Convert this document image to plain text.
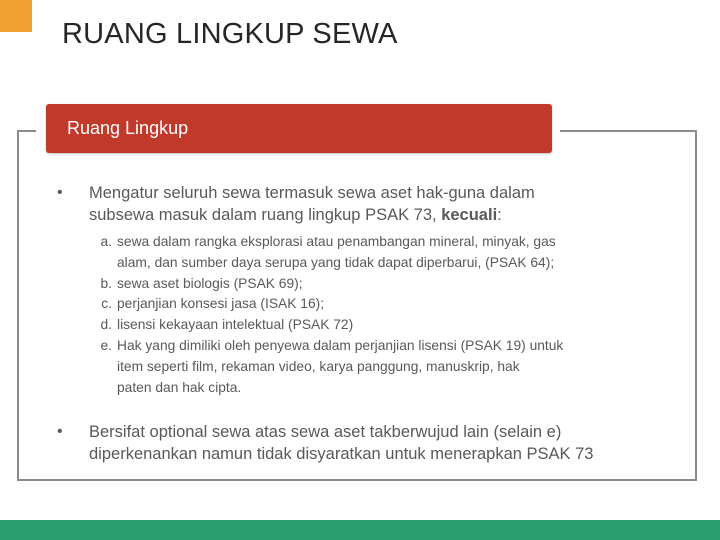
RUANG LINGKUP SEWA
Ruang Lingkup
•	Mengatur seluruh sewa termasuk sewa aset hak-guna dalam
subsewa masuk dalam ruang lingkup PSAK 73, kecuali:
a. sewa dalam rangka eksplorasi atau penambangan mineral, minyak, gas
alam, dan sumber daya serupa yang tidak dapat diperbarui, (PSAK 64);
b. sewa aset biologis (PSAK 69);
c. perjanjian konsesi jasa (ISAK 16);
d. lisensi kekayaan intelektual (PSAK 72)
e. Hak yang dimiliki oleh penyewa dalam perjanjian lisensi (PSAK 19) untuk
item seperti film, rekaman video, karya panggung, manuskrip, hak
paten dan hak cipta.
•	Bersifat optional sewa atas sewa aset takberwujud lain (selain e)
diperkenankan namun tidak disyaratkan untuk menerapkan PSAK 73
